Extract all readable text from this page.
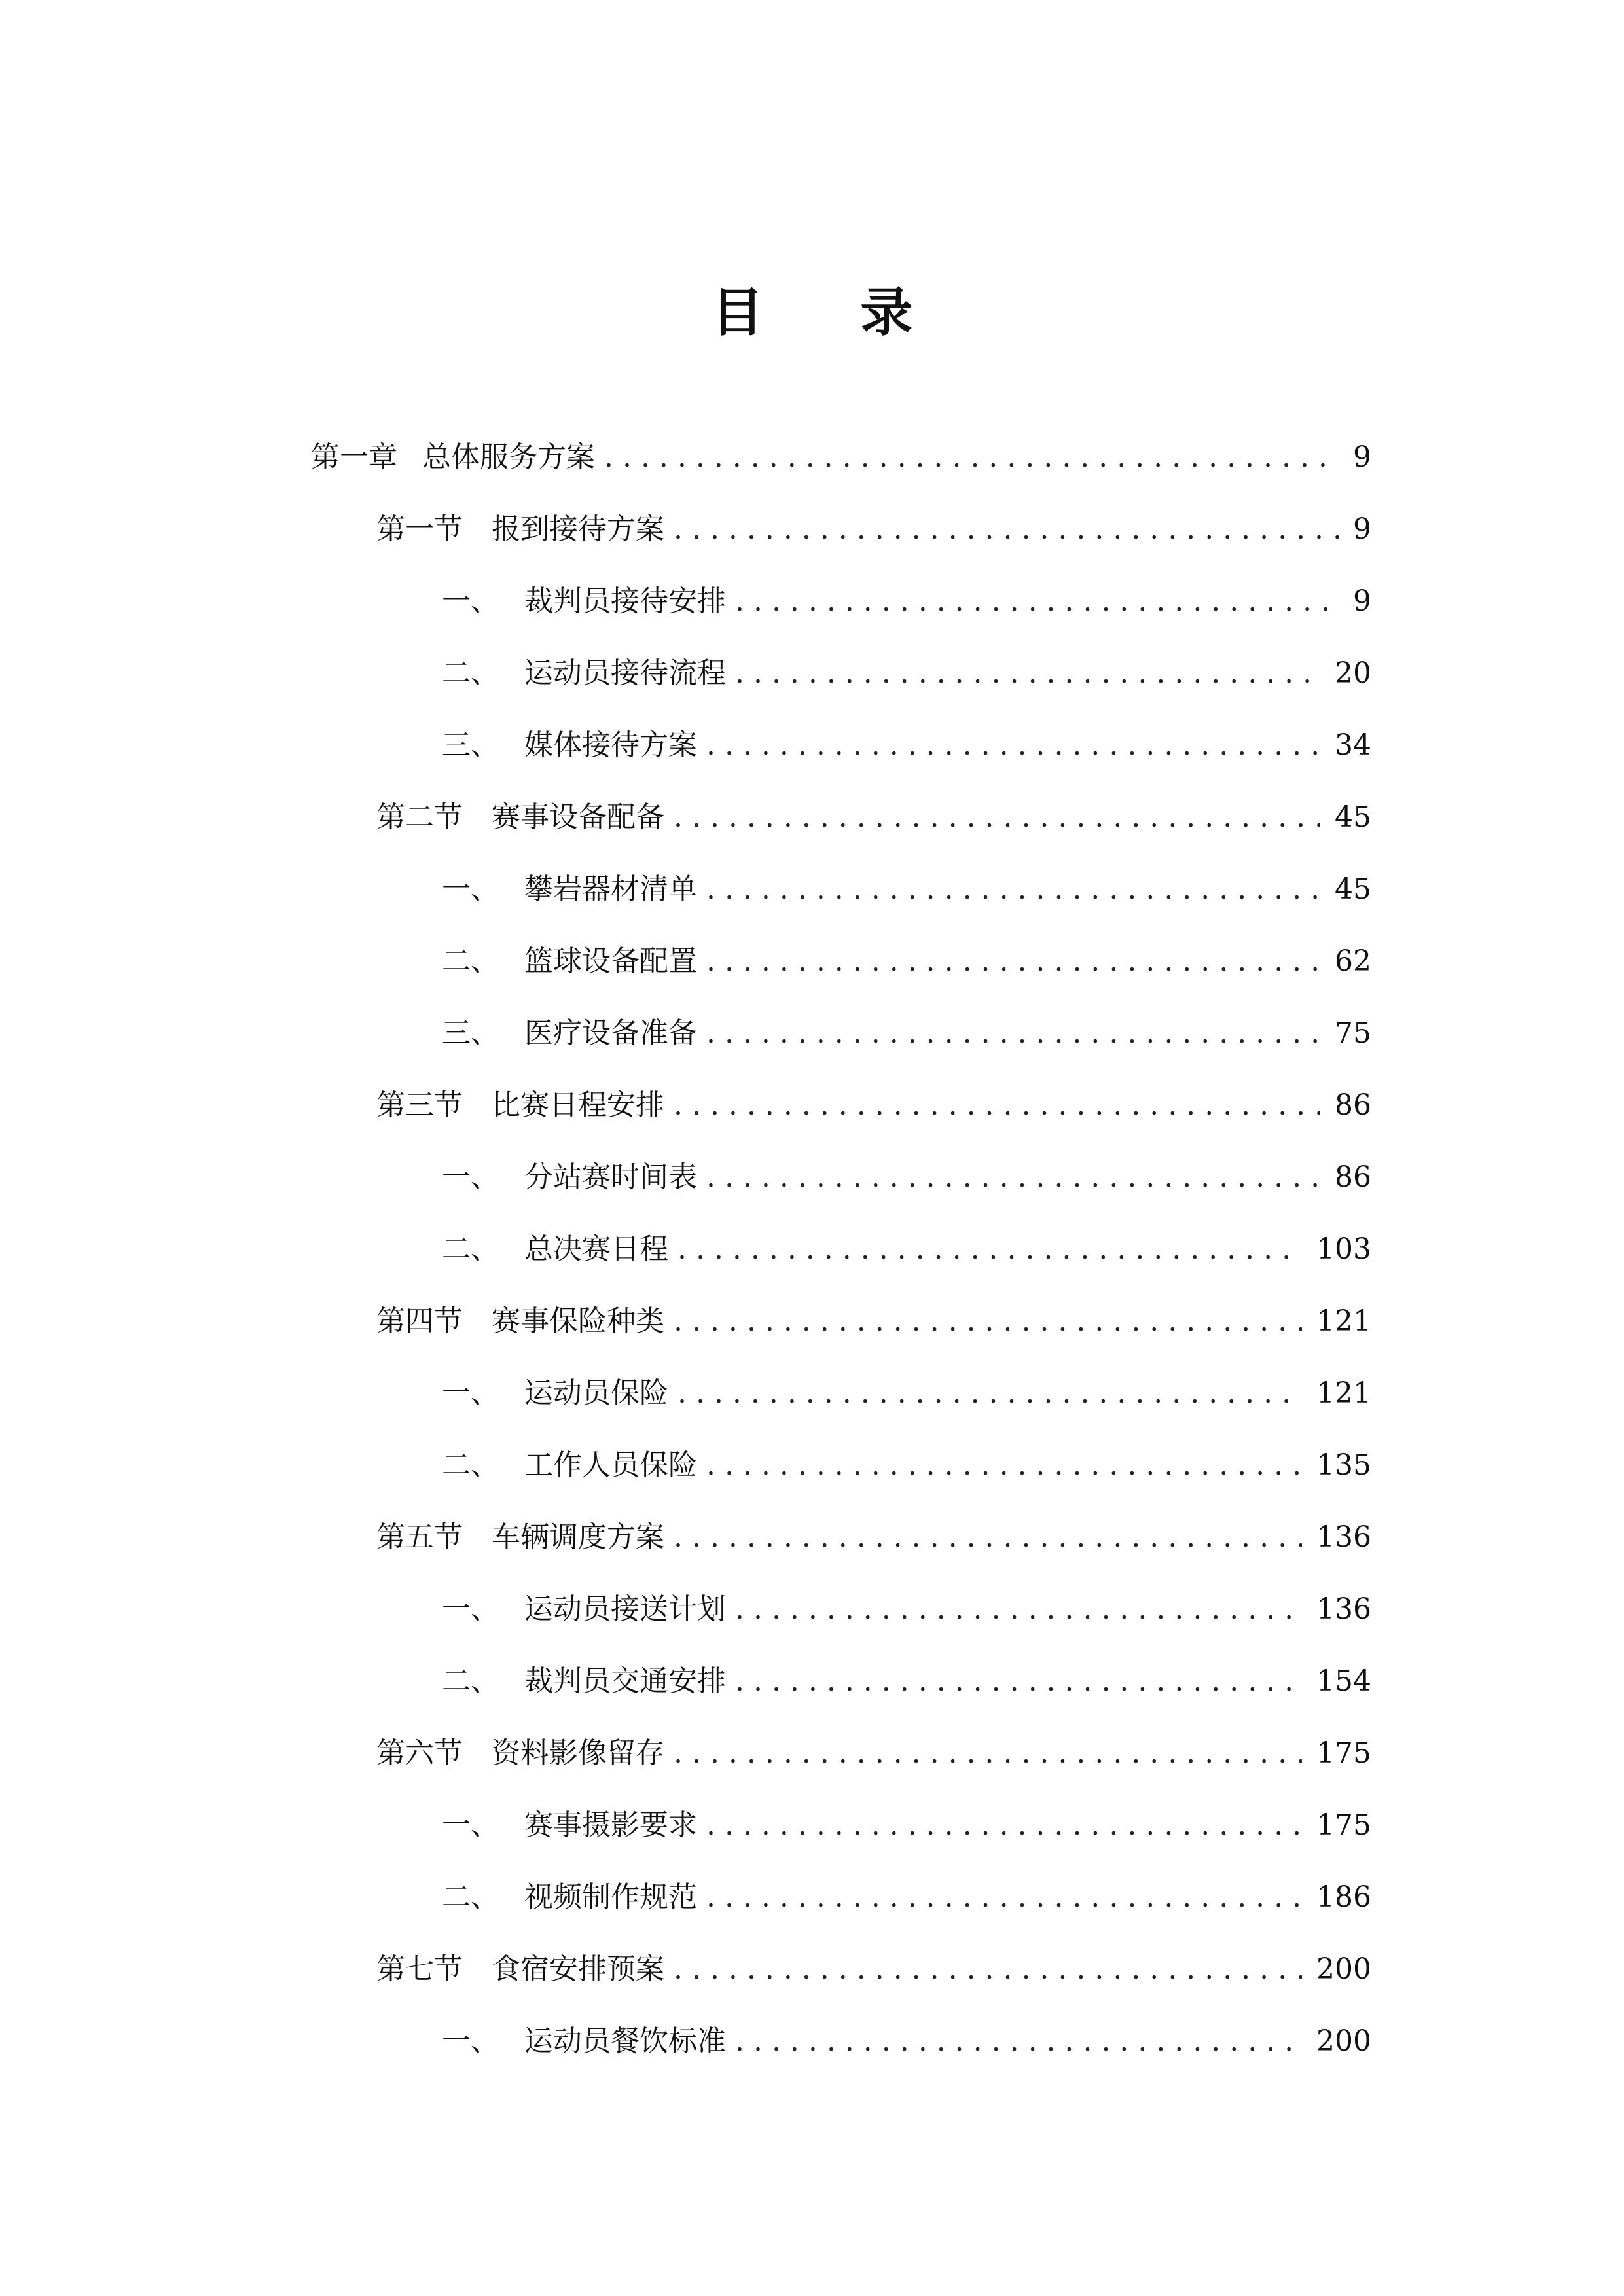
目 录
第一章 总体服务方案 . . .	9
第一节	报到接待方案 . . .	9
一、 裁判员接待安排 . . .	9
二、 运动员接待流程 . . .	20
三、 媒体接待方案 . . .	34
第二节	赛事设备配备 . . .	45
一、 攀岩器材清单 . . .	45
二、 篮球设备配置 . . .	62
三、 医疗设备准备 . . .	75
第三节	比赛日程安排 . . .	86
一、 分站赛时间表 . . .	86
二、 总决赛日程 . . .	103
第四节	赛事保险种类 . . .	121
一、 运动员保险 . . .	121
二、 工作人员保险 . . .	135
第五节	车辆调度方案 . . .	136
一、 运动员接送计划 . . .	136
二、 裁判员交通安排 . . .	154
第六节	资料影像留存 . . .	175
一、 赛事摄影要求 . . .	175
二、 视频制作规范 . . .	186
第七节	食宿安排预案 . . .	200
一、 运动员餐饮标准 . . .	200
